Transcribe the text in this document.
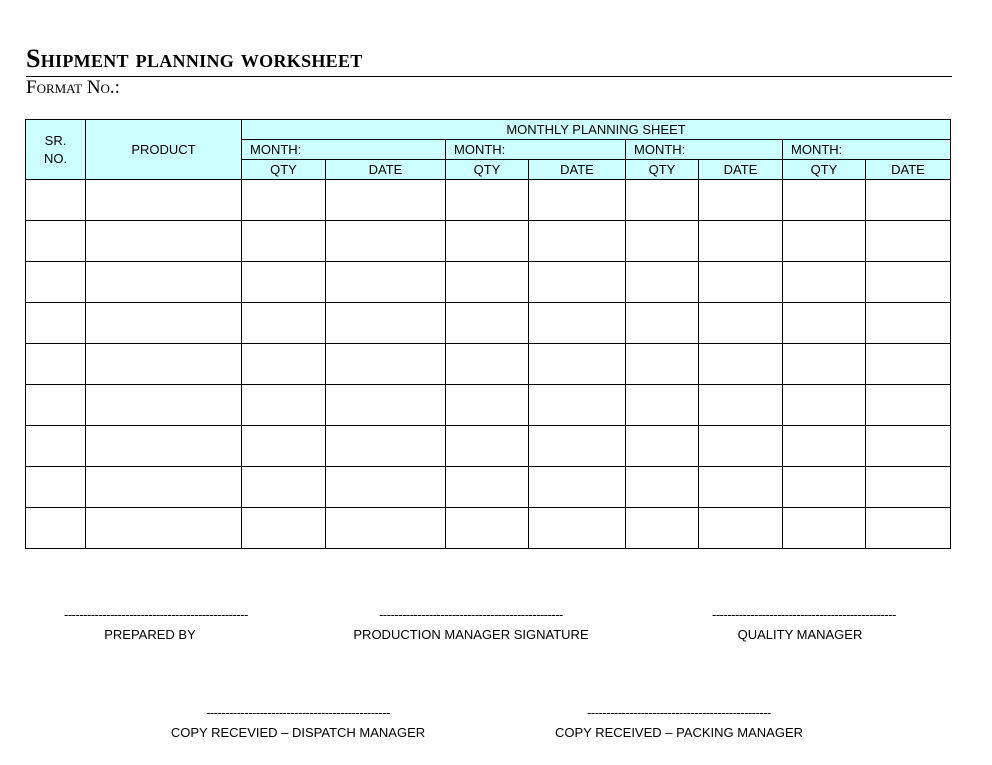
Shipment planning worksheet
Format No.:
SR. NO.	PRODUCT	MONTHLY PLANNING SHEET							
		MONTH:		MONTH:		MONTH:		MONTH:	
		QTY	DATE	QTY	DATE	QTY	DATE	QTY	DATE

------------------------------------------------
PREPARED BY
------------------------------------------------
PRODUCTION MANAGER SIGNATURE
------------------------------------------------
QUALITY MANAGER
------------------------------------------------
COPY RECEVIED – DISPATCH MANAGER
------------------------------------------------
COPY RECEIVED – PACKING MANAGER
